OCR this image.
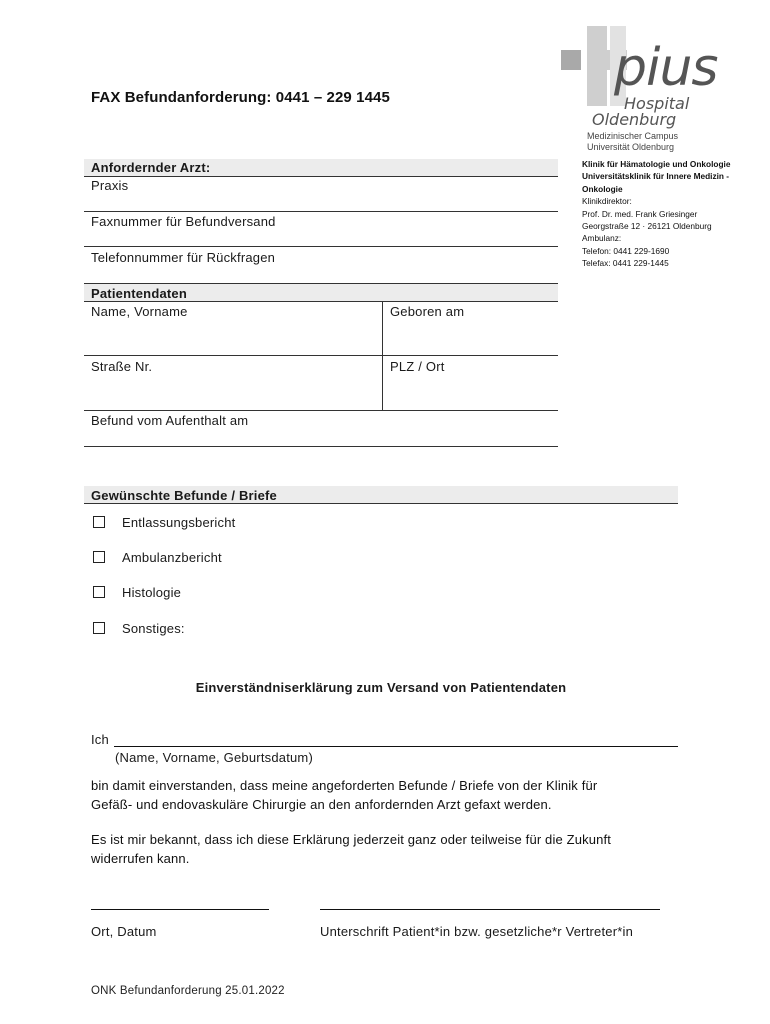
FAX Befundanforderung: 0441 – 229 1445	pius
Hospital
Oldenburg
Medizinischer Campus
Universität Oldenburg
Klinik für Hämatologie und Onkologie
Universitätsklinik für Innere Medizin -
Onkologie
Klinikdirektor:
Prof. Dr. med. Frank Griesinger
Georgstraße 12 · 26121 Oldenburg
Ambulanz:
Telefon: 0441 229-1690
Telefax: 0441 229-1445
Anfordernder Arzt:
Praxis
Faxnummer für Befundversand
Telefonnummer für Rückfragen
Patientendaten
Name, Vorname	Geboren am
Straße Nr.	PLZ / Ort
Befund vom Aufenthalt am
Gewünschte Befunde / Briefe
Entlassungsbericht
Ambulanzbericht
Histologie
Sonstiges:
Einverständniserklärung zum Versand von Patientendaten
Ich
(Name, Vorname, Geburtsdatum)
bin damit einverstanden, dass meine angeforderten Befunde / Briefe von der Klinik für
Gefäß- und endovaskuläre Chirurgie an den anfordernden Arzt gefaxt werden.
Es ist mir bekannt, dass ich diese Erklärung jederzeit ganz oder teilweise für die Zukunft
widerrufen kann.
Ort, Datum	Unterschrift Patient*in bzw. gesetzliche*r Vertreter*in
ONK Befundanforderung 25.01.2022
